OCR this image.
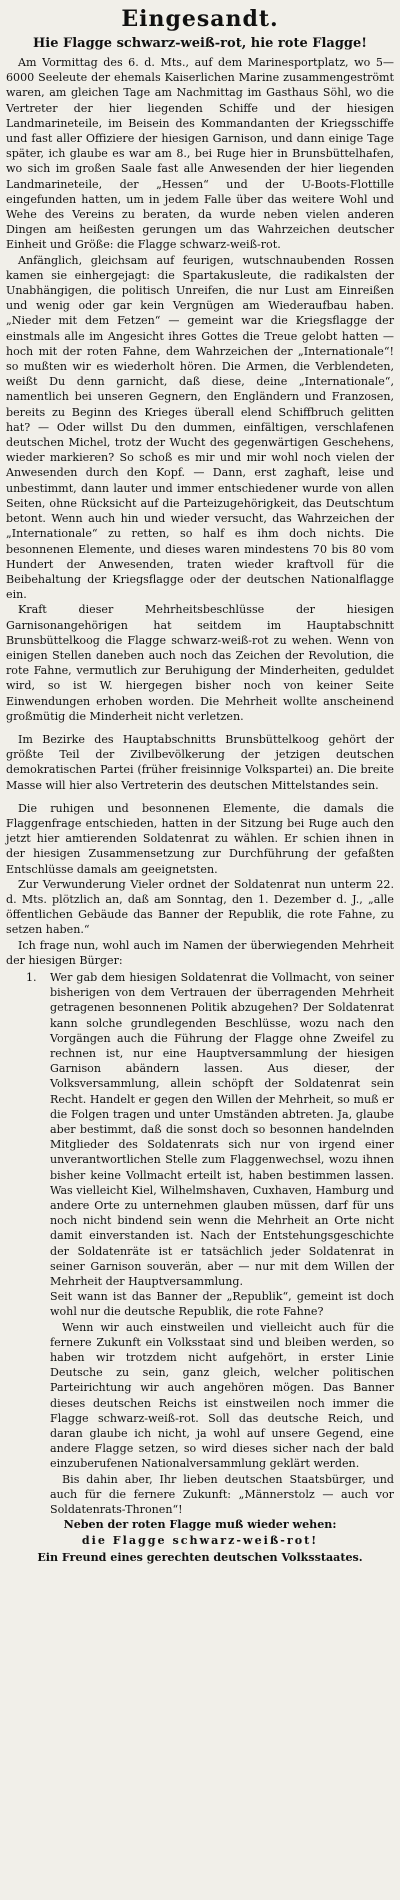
Eingesandt.
Hie Flagge schwarz-weiß-rot, hie rote Flagge!

Am Vormittag des 6. d. Mts., auf dem Marinesportplatz, wo 5—6000 Seeleute der ehemals Kaiserlichen Marine zusammengeströmt waren, am gleichen Tage am Nachmittag im Gasthaus Söhl, wo die Vertreter der hier liegenden Schiffe und der hiesigen Landmarineteile, im Beisein des Kommandanten der Kriegsschiffe und fast aller Offiziere der hiesigen Garnison, und dann einige Tage später, ich glaube es war am 8., bei Ruge hier in Brunsbüttelhafen, wo sich im großen Saale fast alle Anwesenden der hier liegenden Landmarineteile, der „Hessen“ und der U-Boots-Flottille eingefunden hatten, um in jedem Falle über das weitere Wohl und Wehe des Vereins zu beraten, da wurde neben vielen anderen Dingen am heißesten gerungen um das Wahrzeichen deutscher Einheit und Größe: die Flagge schwarz-weiß-rot.

Anfänglich, gleichsam auf feurigen, wutschnaubenden Rossen kamen sie einhergejagt: die Spartakusleute, die radikalsten der Unabhängigen, die politisch Unreifen, die nur Lust am Einreißen und wenig oder gar kein Vergnügen am Wiederaufbau haben. „Nieder mit dem Fetzen“ — gemeint war die Kriegsflagge der einstmals alle im Angesicht ihres Gottes die Treue gelobt hatten — hoch mit der roten Fahne, dem Wahrzeichen der „Internationale“! so mußten wir es wiederholt hören. Die Armen, die Verblendeten, weißt Du denn garnicht, daß diese, deine „Internationale“, namentlich bei unseren Gegnern, den Engländern und Franzosen, bereits zu Beginn des Krieges überall elend Schiffbruch gelitten hat? — Oder willst Du den dummen, einfältigen, verschlafenen deutschen Michel, trotz der Wucht des gegenwärtigen Geschehens, wieder markieren? So schoß es mir und mir wohl noch vielen der Anwesenden durch den Kopf. — Dann, erst zaghaft, leise und unbestimmt, dann lauter und immer entschiedener wurde von allen Seiten, ohne Rücksicht auf die Parteizugehörigkeit, das Deutschtum betont. Wenn auch hin und wieder versucht, das Wahrzeichen der „Internationale“ zu retten, so half es ihm doch nichts. Die besonnenen Elemente, und dieses waren mindestens 70 bis 80 vom Hundert der Anwesenden, traten wieder kraftvoll für die Beibehaltung der Kriegsflagge oder der deutschen Nationalflagge ein.

Kraft dieser Mehrheitsbeschlüsse der hiesigen Garnisonangehörigen hat seitdem im Hauptabschnitt Brunsbüttelkoog die Flagge schwarz-weiß-rot zu wehen. Wenn von einigen Stellen daneben auch noch das Zeichen der Revolution, die rote Fahne, vermutlich zur Beruhigung der Minderheiten, geduldet wird, so ist W. hiergegen bisher noch von keiner Seite Einwendungen erhoben worden. Die Mehrheit wollte anscheinend großmütig die Minderheit nicht verletzen.

Im Bezirke des Hauptabschnitts Brunsbüttelkoog gehört der größte Teil der Zivilbevölkerung der jetzigen deutschen demokratischen Partei (früher freisinnige Volkspartei) an. Die breite Masse will hier also Vertreterin des deutschen Mittelstandes sein.

Die ruhigen und besonnenen Elemente, die damals die Flaggenfrage entschieden, hatten in der Sitzung bei Ruge auch den jetzt hier amtierenden Soldatenrat zu wählen. Er schien ihnen in der hiesigen Zusammensetzung zur Durchführung der gefaßten Entschlüsse damals am geeignetsten.

Zur Verwunderung Vieler ordnet der Soldatenrat nun unterm 22. d. Mts. plötzlich an, daß am Sonntag, den 1. Dezember d. J., „alle öffentlichen Gebäude das Banner der Republik, die rote Fahne, zu setzen haben.“

Ich frage nun, wohl auch im Namen der überwiegenden Mehrheit der hiesigen Bürger:

1. Wer gab dem hiesigen Soldatenrat die Vollmacht, von seiner bisherigen von dem Vertrauen der überragenden Mehrheit getragenen besonnenen Politik abzugehen? Der Soldatenrat kann solche grundlegenden Beschlüsse, wozu nach den Vorgängen auch die Führung der Flagge ohne Zweifel zu rechnen ist, nur eine Hauptversammlung der hiesigen Garnison abändern lassen. Aus dieser, der Volksversammlung, allein schöpft der Soldatenrat sein Recht. Handelt er gegen den Willen der Mehrheit, so muß er die Folgen tragen und unter Umständen abtreten. Ja, glaube aber bestimmt, daß die sonst doch so besonnen handelnden Mitglieder des Soldatenrats sich nur von irgend einer unverantwortlichen Stelle zum Flaggenwechsel, wozu ihnen bisher keine Vollmacht erteilt ist, haben bestimmen lassen. Was vielleicht Kiel, Wilhelmshaven, Cuxhaven, Hamburg und andere Orte zu unternehmen glauben müssen, darf für uns noch nicht bindend sein wenn die Mehrheit an Orte nicht damit einverstanden ist. Nach der Entstehungsgeschichte der Soldatenräte ist er tatsächlich jeder Soldatenrat in seiner Garnison souverän, aber — nur mit dem Willen der Mehrheit der Hauptversammlung.

Seit wann ist das Banner der „Republik“, gemeint ist doch wohl nur die deutsche Republik, die rote Fahne?

Wenn wir auch einstweilen und vielleicht auch für die fernere Zukunft ein Volksstaat sind und bleiben werden, so haben wir trotzdem nicht aufgehört, in erster Linie Deutsche zu sein, ganz gleich, welcher politischen Parteirichtung wir auch angehören mögen. Das Banner dieses deutschen Reichs ist einstweilen noch immer die Flagge schwarz-weiß-rot. Soll das deutsche Reich, und daran glaube ich nicht, ja wohl auf unsere Gegend, eine andere Flagge setzen, so wird dieses sicher nach der bald einzuberufenen Nationalversammlung geklärt werden.

Bis dahin aber, Ihr lieben deutschen Staatsbürger, und auch für die fernere Zukunft: „Männerstolz — auch vor Soldatenrats-Thronen“!

Neben der roten Flagge muß wieder wehen:

die Flagge schwarz-weiß-rot!

Ein Freund eines gerechten deutschen Volksstaates.
